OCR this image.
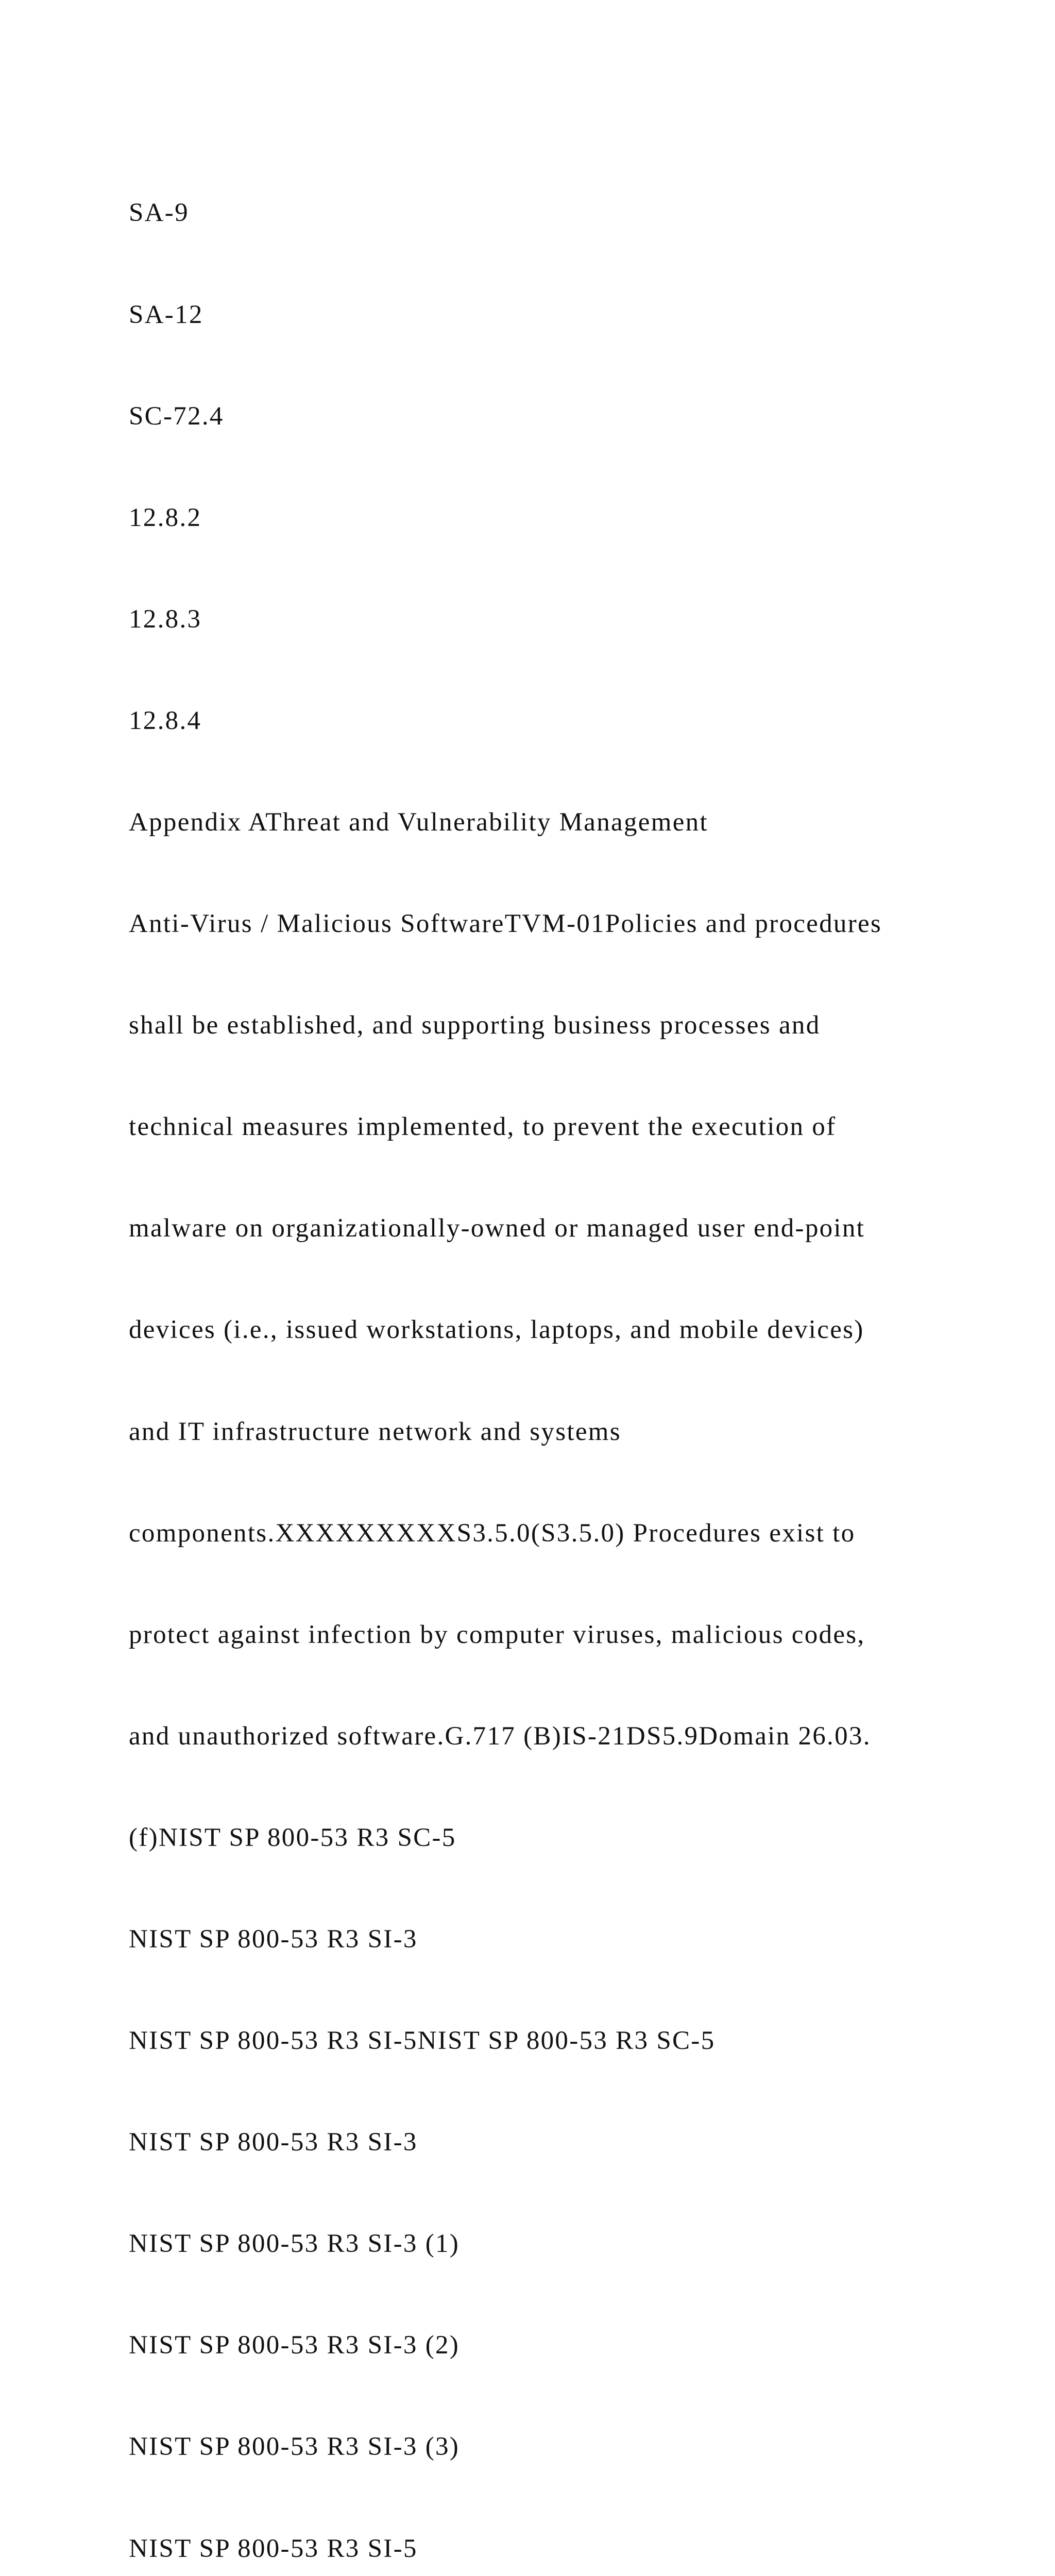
SA-9

SA-12

SC-72.4

12.8.2

12.8.3

12.8.4

Appendix AThreat and Vulnerability Management

Anti-Virus / Malicious SoftwareTVM-01Policies and procedures

shall be established, and supporting business processes and

technical measures implemented, to prevent the execution of

malware on organizationally-owned or managed user end-point

devices (i.e., issued workstations, laptops, and mobile devices)

and IT infrastructure network and systems

components.XXXXXXXXXS3.5.0(S3.5.0) Procedures exist to

protect against infection by computer viruses, malicious codes,

and unauthorized software.G.717 (B)IS-21DS5.9Domain 26.03.

(f)NIST SP 800-53 R3 SC-5

NIST SP 800-53 R3 SI-3

NIST SP 800-53 R3 SI-5NIST SP 800-53 R3 SC-5

NIST SP 800-53 R3 SI-3

NIST SP 800-53 R3 SI-3 (1)

NIST SP 800-53 R3 SI-3 (2)

NIST SP 800-53 R3 SI-3 (3)

NIST SP 800-53 R3 SI-5
